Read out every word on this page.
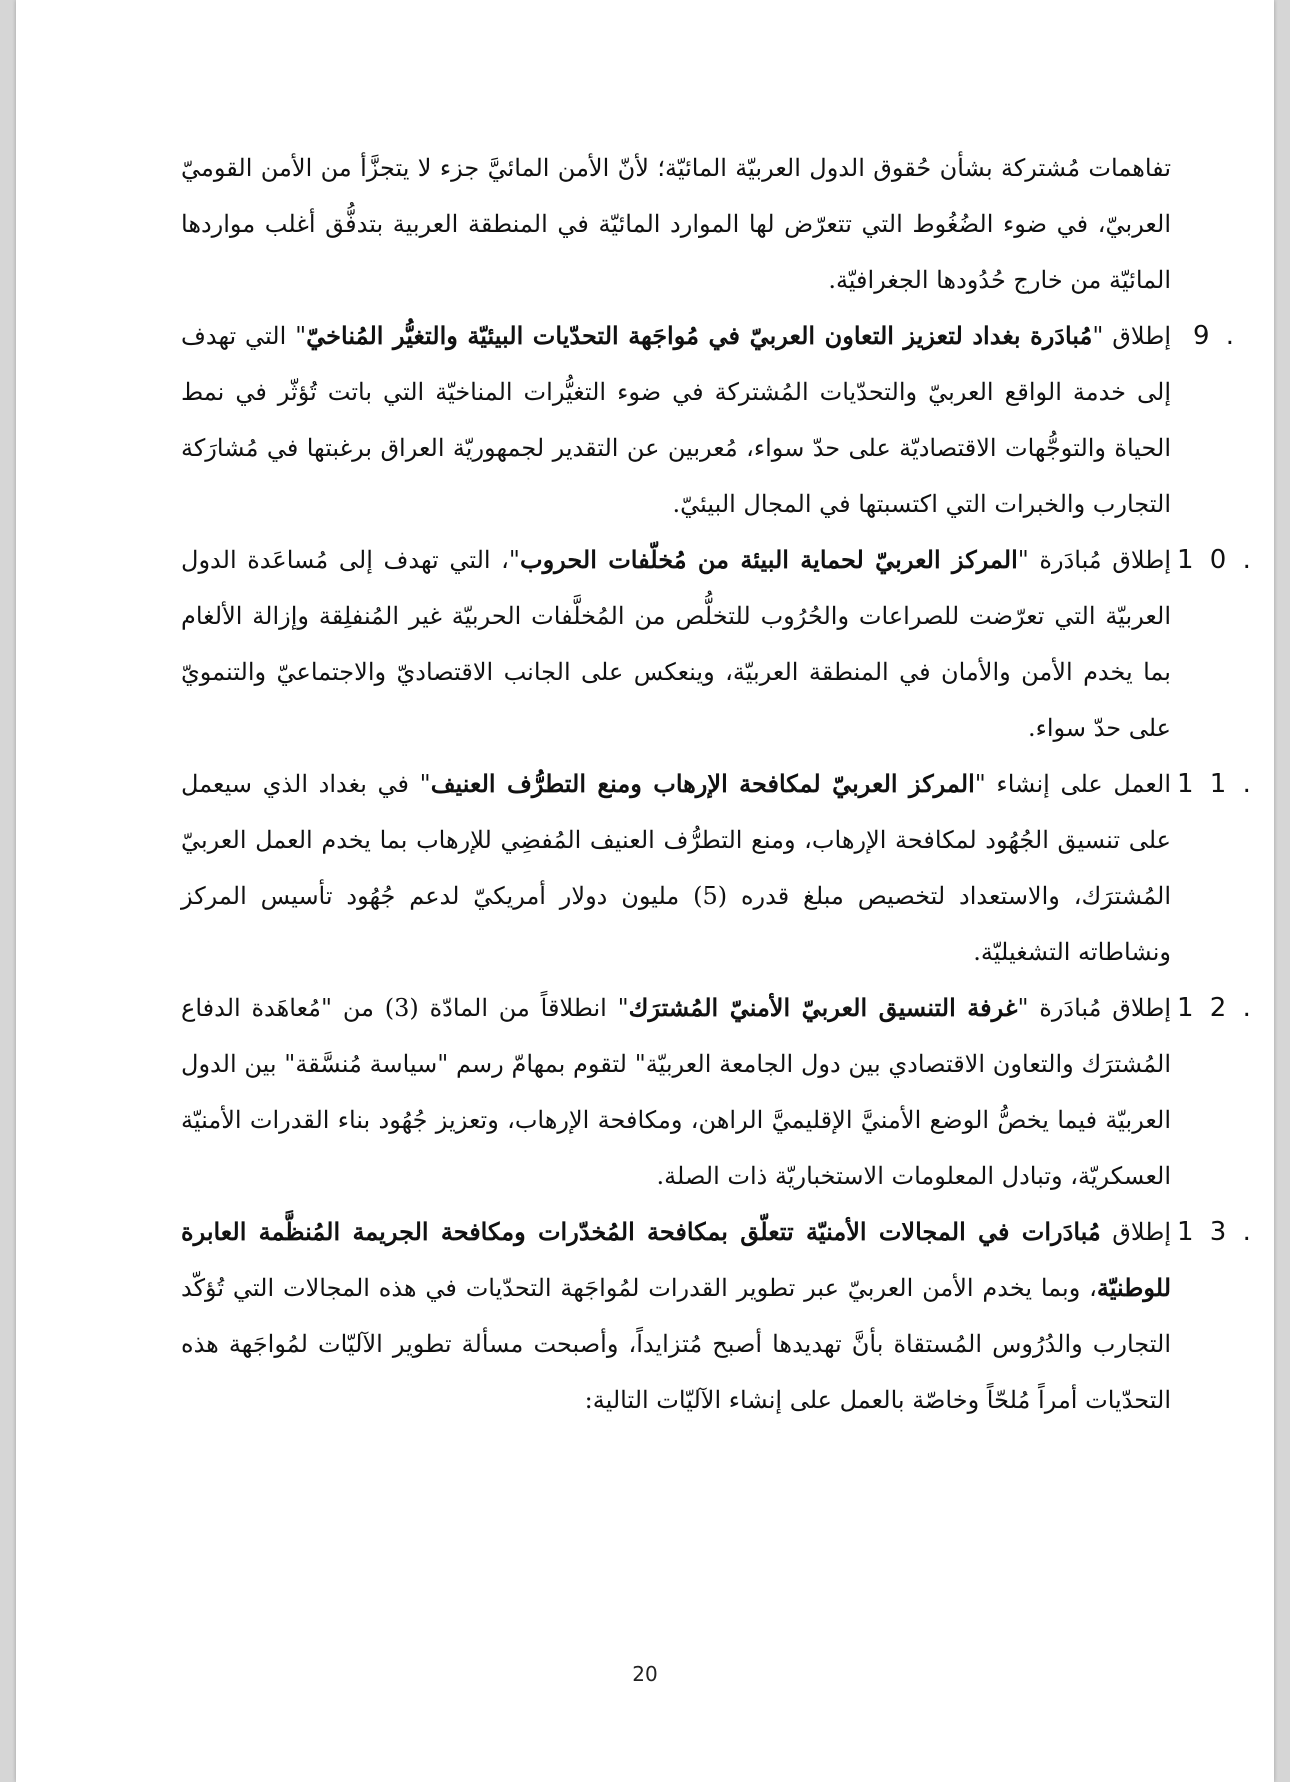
تفاهمات مُشتركة بشأن حُقوق الدول العربيّة المائيّة؛ لأنّ الأمن المائيَّ جزء لا يتجزَّأ من الأمن القوميّ العربيّ، في ضوء الضُغُوط التي تتعرّض لها الموارد المائيّة في المنطقة العربية بتدفُّق أغلب مواردها المائيّة من خارج حُدُودها الجغرافيّة.

9 .
إطلاق "مُبادَرة بغداد لتعزيز التعاون العربيّ في مُواجَهة التحدّيات البيئيّة والتغيُّر المُناخيّ" التي تهدف إلى خدمة الواقع العربيّ والتحدّيات المُشتركة في ضوء التغيُّرات المناخيّة التي باتت تُؤثّر في نمط الحياة والتوجُّهات الاقتصاديّة على حدّ سواء، مُعربين عن التقدير لجمهوريّة العراق برغبتها في مُشارَكة التجارب والخبرات التي اكتسبتها في المجال البيئيّ.

1 0 .
إطلاق مُبادَرة "المركز العربيّ لحماية البيئة من مُخلّفات الحروب"، التي تهدف إلى مُساعَدة الدول العربيّة التي تعرّضت للصراعات والحُرُوب للتخلُّص من المُخلَّفات الحربيّة غير المُنفلِقة وإزالة الألغام بما يخدم الأمن والأمان في المنطقة العربيّة، وينعكس على الجانب الاقتصاديّ والاجتماعيّ والتنمويّ على حدّ سواء.

1 1 .
العمل على إنشاء "المركز العربيّ لمكافحة الإرهاب ومنع التطرُّف العنيف" في بغداد الذي سيعمل على تنسيق الجُهُود لمكافحة الإرهاب، ومنع التطرُّف العنيف المُفضِي للإرهاب بما يخدم العمل العربيّ المُشترَك، والاستعداد لتخصيص مبلغ قدره (5) مليون دولار أمريكيّ لدعم جُهُود تأسيس المركز ونشاطاته التشغيليّة.

1 2 .
إطلاق مُبادَرة "غرفة التنسيق العربيّ الأمنيّ المُشترَك" انطلاقاً من المادّة (3) من "مُعاهَدة الدفاع المُشترَك والتعاون الاقتصادي بين دول الجامعة العربيّة" لتقوم بمهامّ رسم "سياسة مُنسَّقة" بين الدول العربيّة فيما يخصُّ الوضع الأمنيَّ الإقليميَّ الراهن، ومكافحة الإرهاب، وتعزيز جُهُود بناء القدرات الأمنيّة العسكريّة، وتبادل المعلومات الاستخباريّة ذات الصلة.

1 3 .
إطلاق مُبادَرات في المجالات الأمنيّة تتعلّق بمكافحة المُخدّرات ومكافحة الجريمة المُنظَّمة العابرة للوطنيّة، وبما يخدم الأمن العربيّ عبر تطوير القدرات لمُواجَهة التحدّيات في هذه المجالات التي تُؤكّد التجارب والدُرُوس المُستقاة بأنَّ تهديدها أصبح مُتزايداً، وأصبحت مسألة تطوير الآليّات لمُواجَهة هذه التحدّيات أمراً مُلحّاً وخاصّة بالعمل على إنشاء الآليّات التالية:

20
